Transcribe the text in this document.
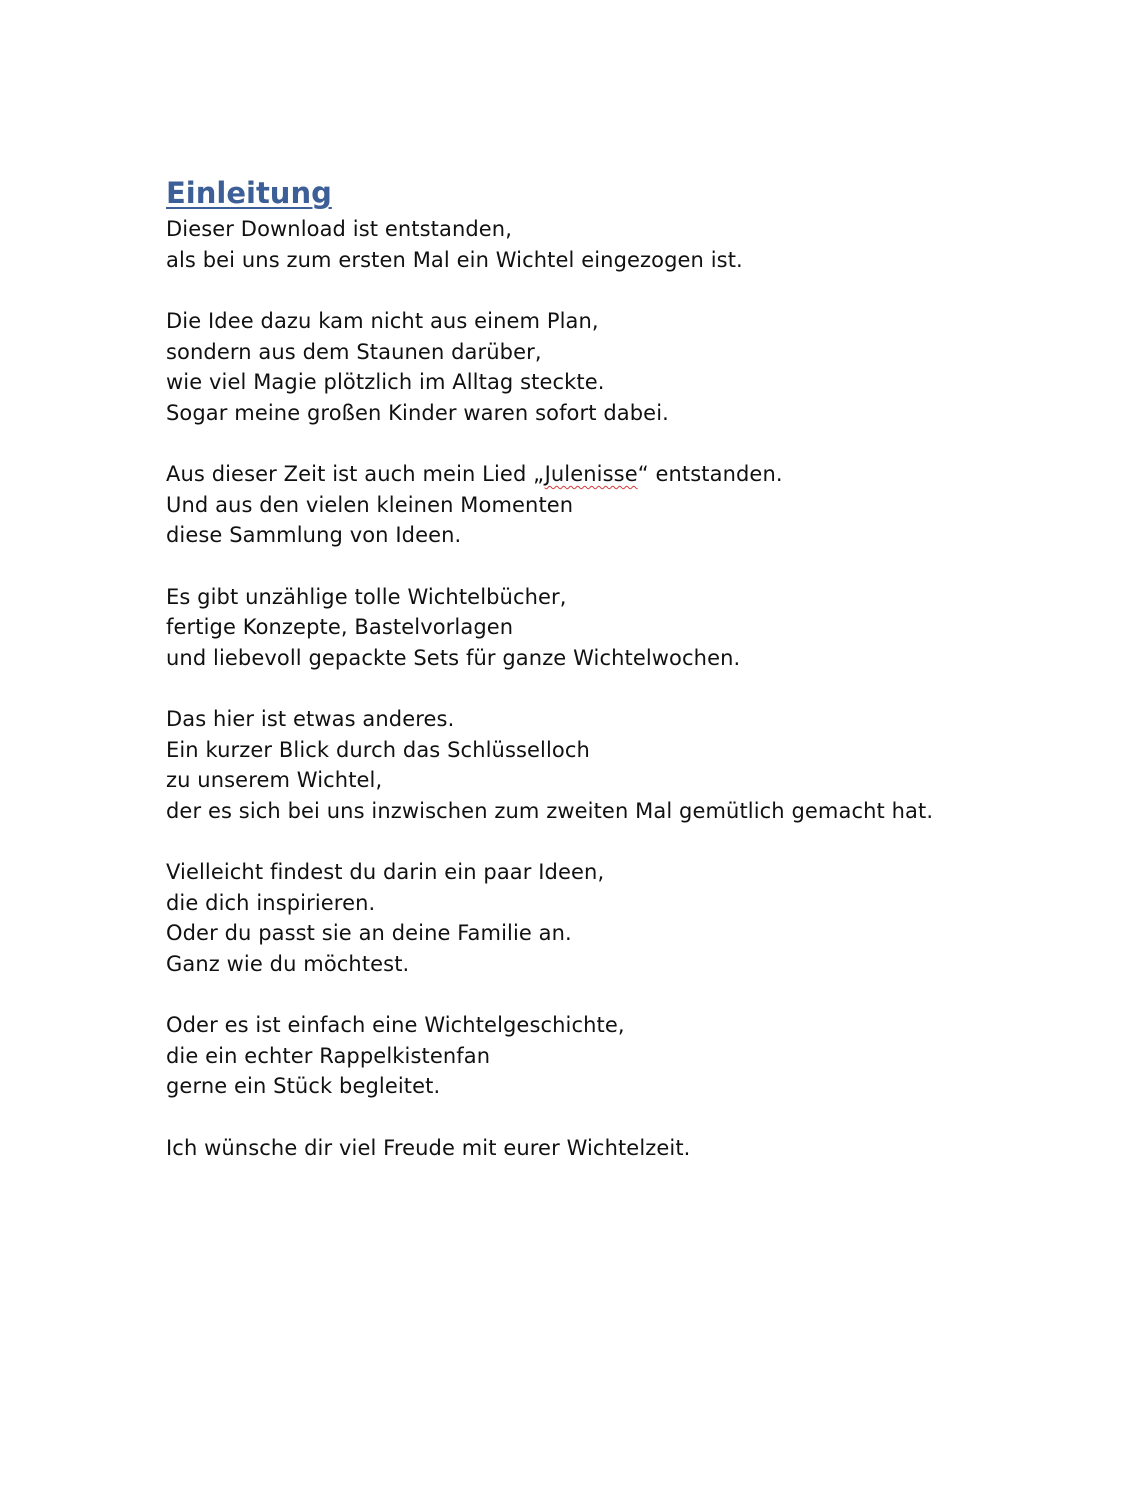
Einleitung
Dieser Download ist entstanden,
als bei uns zum ersten Mal ein Wichtel eingezogen ist.
Die Idee dazu kam nicht aus einem Plan,
sondern aus dem Staunen darüber,
wie viel Magie plötzlich im Alltag steckte.
Sogar meine großen Kinder waren sofort dabei.
Aus dieser Zeit ist auch mein Lied „Julenisse“ entstanden.
Und aus den vielen kleinen Momenten
diese Sammlung von Ideen.
Es gibt unzählige tolle Wichtelbücher,
fertige Konzepte, Bastelvorlagen
und liebevoll gepackte Sets für ganze Wichtelwochen.
Das hier ist etwas anderes.
Ein kurzer Blick durch das Schlüsselloch
zu unserem Wichtel,
der es sich bei uns inzwischen zum zweiten Mal gemütlich gemacht hat.
Vielleicht findest du darin ein paar Ideen,
die dich inspirieren.
Oder du passt sie an deine Familie an.
Ganz wie du möchtest.
Oder es ist einfach eine Wichtelgeschichte,
die ein echter Rappelkistenfan
gerne ein Stück begleitet.
Ich wünsche dir viel Freude mit eurer Wichtelzeit.
